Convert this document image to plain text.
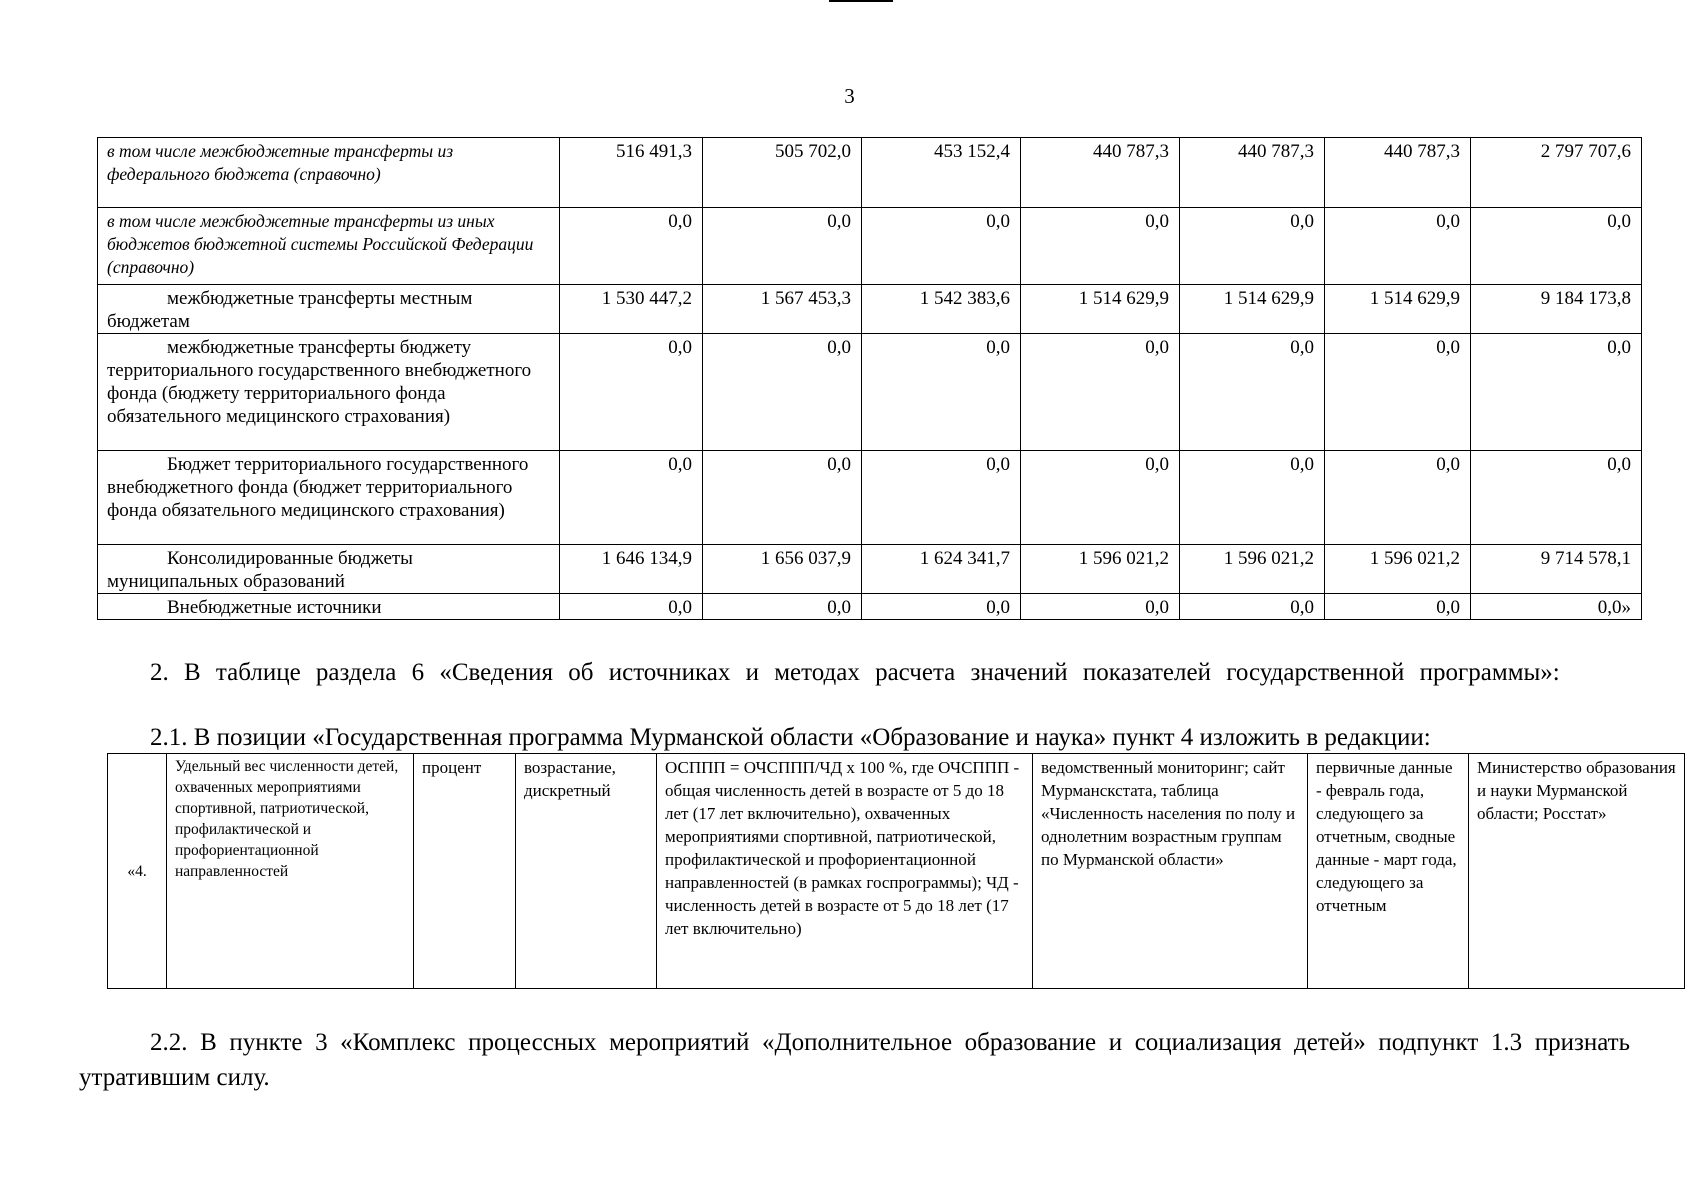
3
в том числе межбюджетные трансферты из федерального бюджета (справочно)	516 491,3	505 702,0	453 152,4	440 787,3	440 787,3	440 787,3	2 797 707,6
в том числе межбюджетные трансферты из иных бюджетов бюджетной системы Российской Федерации (справочно)	0,0	0,0	0,0	0,0	0,0	0,0	0,0

межбюджетные трансферты местным бюджетам	1 530 447,2	1 567 453,3	1 542 383,6	1 514 629,9	1 514 629,9	1 514 629,9	9 184 173,8

межбюджетные трансферты бюджету территориального государственного внебюджетного фонда (бюджету территориального фонда обязательного медицинского страхования)	0,0	0,0	0,0	0,0	0,0	0,0	0,0

Бюджет территориального государственного внебюджетного фонда (бюджет территориального фонда обязательного медицинского страхования)	0,0	0,0	0,0	0,0	0,0	0,0	0,0

Консолидированные бюджеты муниципальных образований	1 646 134,9	1 656 037,9	1 624 341,7	1 596 021,2	1 596 021,2	1 596 021,2	9 714 578,1

Внебюджетные источники	0,0	0,0	0,0	0,0	0,0	0,0	0,0»
2. В таблице раздела 6 «Сведения об источниках и методах расчета значений показателей государственной программы»:
2.1. В позиции «Государственная программа Мурманской области «Образование и наука» пункт 4 изложить в редакции:
«4.	Удельный вес численности детей, охваченных мероприятиями спортивной, патриотической, профилактической и профориентационной направленностей	процент	возрастание, дискретный	ОСППП = ОЧСППП/ЧД x 100 %, где ОЧСППП - общая численность детей в возрасте от 5 до 18 лет (17 лет включительно), охваченных мероприятиями спортивной, патриотической, профилактической и профориентационной направленностей (в рамках госпрограммы); ЧД - численность детей в возрасте от 5 до 18 лет (17 лет включительно)	ведомственный мониторинг; сайт Мурманскстата, таблица «Численность населения по полу и однолетним возрастным группам по Мурманской области»	первичные данные - февраль года, следующего за отчетным, сводные данные - март года, следующего за отчетным	Министерство образования и науки Мурманской области; Росстат»
2.2. В пункте 3 «Комплекс процессных мероприятий «Дополнительное образование и социализация детей» подпункт 1.3 признать утратившим силу.
